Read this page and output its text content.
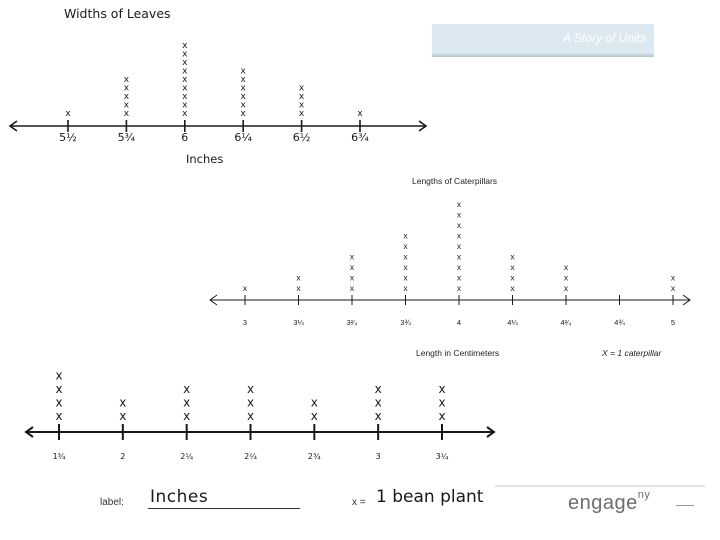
A Story of Units
Widths of Leaves
Inches
5½
x
5¾
x
x
x
x
x
6
x
x
x
x
x
x
x
x
x
6¼
x
x
x
x
x
x
6½
x
x
x
x
6¾
x
Lengths of Caterpillars
Length in Centimeters	X = 1 caterpillar
3
x
3¼
x
x
3²⁄₄
x
x
x
x
3¾
x
x
x
x
x
x
4
x
x
x
x
x
x
x
x
x
4¼
x
x
x
x
4²⁄₄
x
x
x
4¾	5
x
x
1¾
x
x
x
x
2
x
x
2¼
x
x
x
2²⁄₄
x
x
x
2¾
x
x
3
x
x
x
3¼
x
x
x
label: Inches	x = 1 bean plant	engage$^{ny}$
